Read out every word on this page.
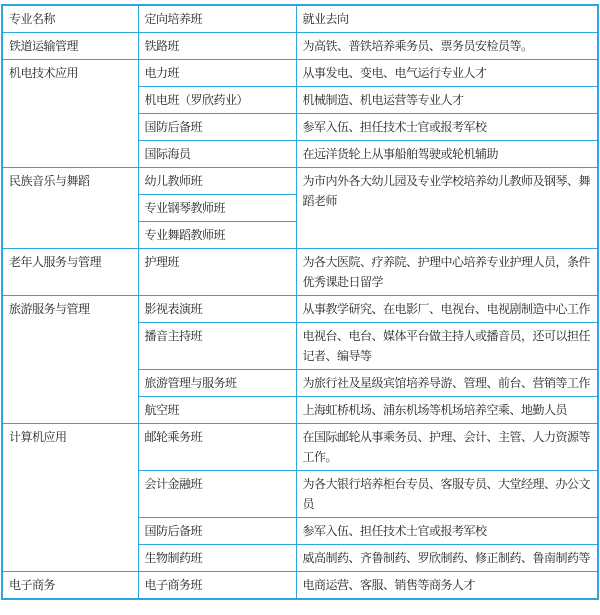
专业名称	定向培养班	就业去向
铁道运输管理	铁路班	为高铁、普铁培养乘务员、票务员安检员等。
机电技术应用	电力班	从事发电、变电、电气运行专业人才
	机电班（罗欣药业）	机械制造、机电运营等专业人才
	国防后备班	参军入伍、担任技术士官或报考军校
	国际海员	在远洋货轮上从事船舶驾驶或轮机辅助
民族音乐与舞蹈	幼儿教师班	为市内外各大幼儿园及专业学校培养幼儿教师及钢琴、舞蹈老师
	专业钢琴教师班	
	专业舞蹈教师班	
老年人服务与管理	护理班	为各大医院、疗养院、护理中心培养专业护理人员，条件优秀课赴日留学
旅游服务与管理	影视表演班	从事教学研究、在电影厂、电视台、电视剧制造中心工作
	播音主持班	电视台、电台、媒体平台做主持人或播音员，还可以担任记者、编导等
	旅游管理与服务班	为旅行社及星级宾馆培养导游、管理、前台、营销等工作
	航空班	上海虹桥机场、浦东机场等机场培养空乘、地勤人员
计算机应用	邮轮乘务班	在国际邮轮从事乘务员、护理、会计、主管、人力资源等工作。
	会计金融班	为各大银行培养柜台专员、客服专员、大堂经理、办公文员
	国防后备班	参军入伍、担任技术士官或报考军校
	生物制药班	威高制药、齐鲁制药、罗欣制药、修正制药、鲁南制药等
电子商务	电子商务班	电商运营、客服、销售等商务人才
